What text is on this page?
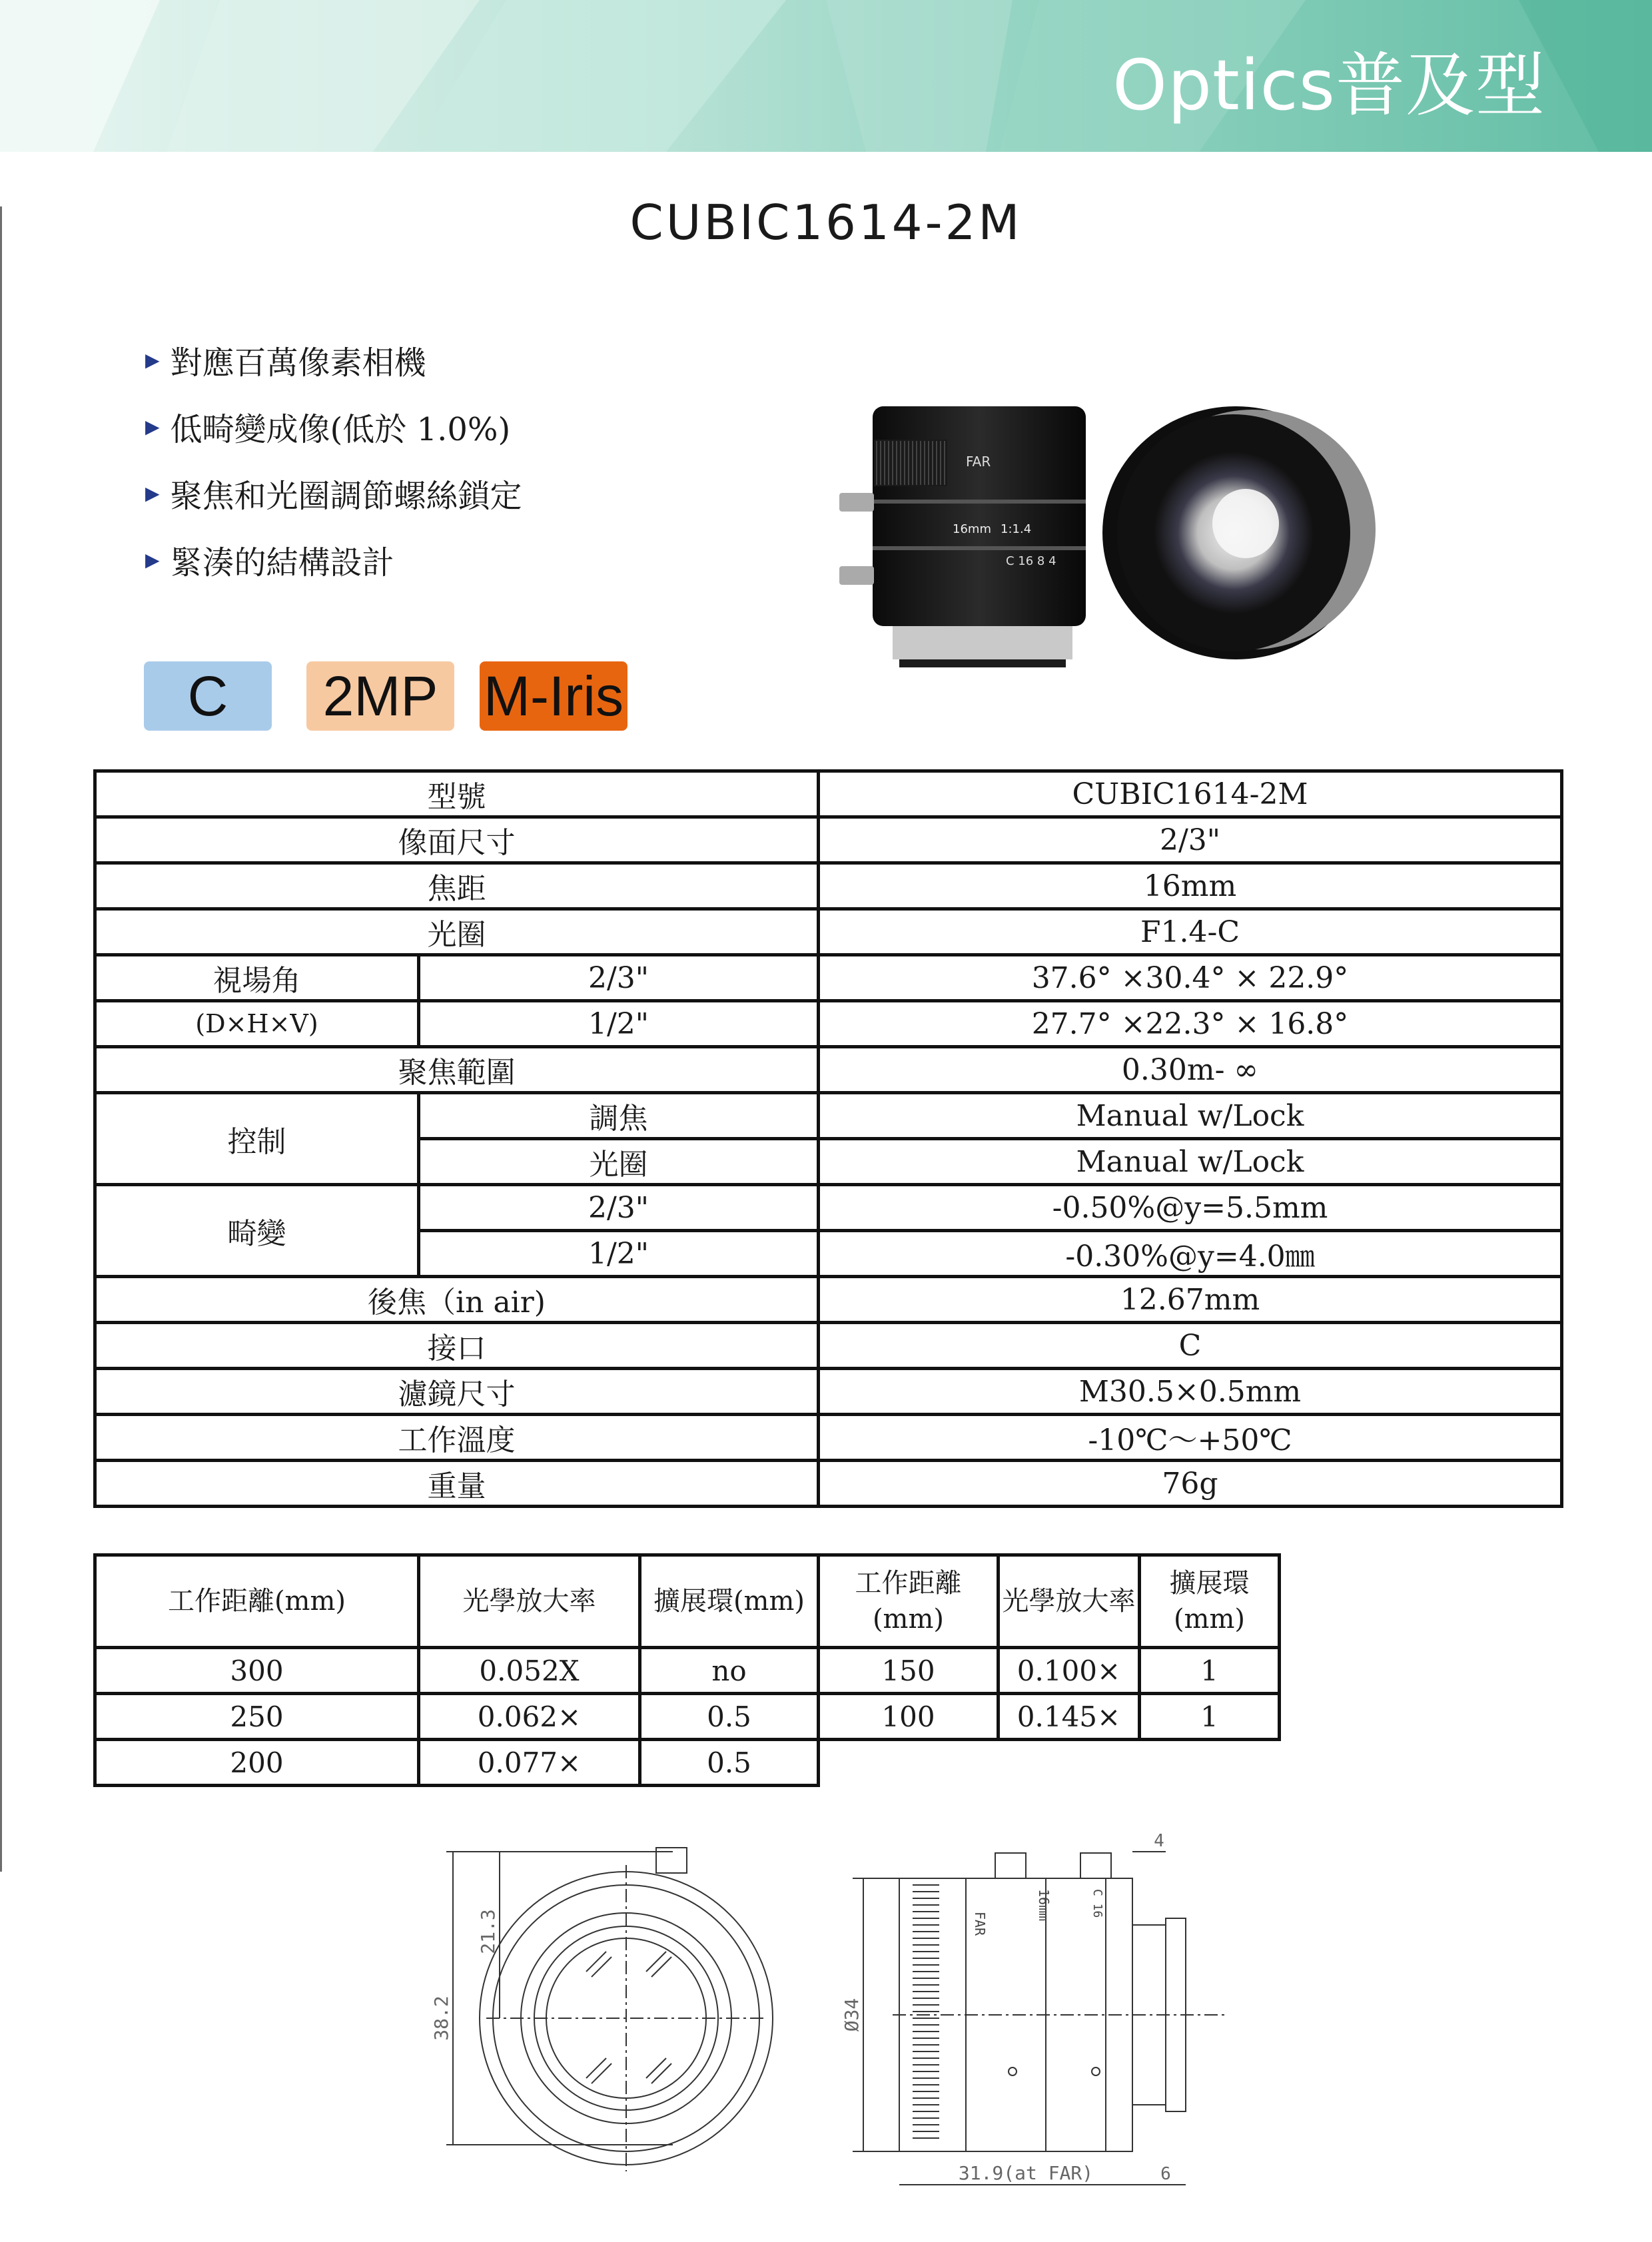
Optics普及型
CUBIC1614-2M
▶ 對應百萬像素相機
▶ 低畸變成像(低於 1.0%)
▶ 聚焦和光圈調節螺絲鎖定
▶ 緊湊的結構設計
C	2MP M-Iris
FAR
16mm 1:1.4
C 16 8 4
型號		CUBIC1614-2M
像面尺寸		2/3"
焦距		16mm
光圈		F1.4-C
視場角	2/3"	37.6° ×30.4° × 22.9°
(D×H×V)	1/2"	27.7° ×22.3° × 16.8°
聚焦範圍		0.30m- ∞
控制	調焦	Manual w/Lock
	光圈	Manual w/Lock
畸變	2/3"	-0.50%@y=5.5mm
	1/2"	-0.30%@y=4.0㎜
後焦（in air)		12.67mm
接口		C
濾鏡尺寸		M30.5×0.5mm
工作溫度		-10℃～+50℃
重量		76g
工作距離(mm)	光學放大率	擴展環(mm)	工作距離(mm)	光學放大率	擴展環(mm)
300	0.052X	no	150	0.100×	1
250	0.062×	0.5	100	0.145×	1
200	0.077×	0.5			
38.2
21.3
Ø34
31.9(at FAR)
4
6
FAR
16mm	C 16
